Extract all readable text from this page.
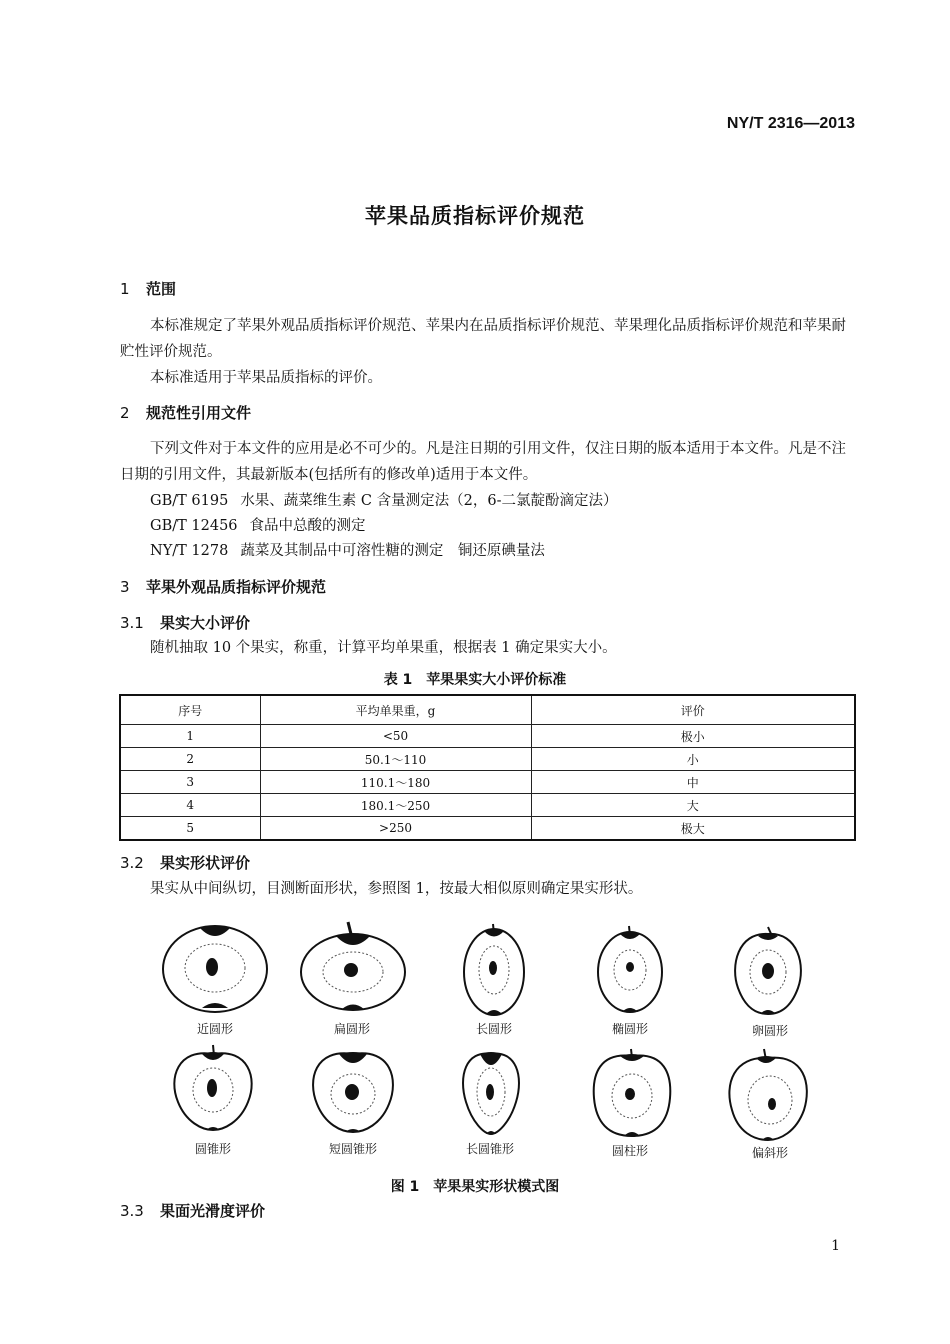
NY/T 2316—2013
苹果品质指标评价规范
1 范围
本标准规定了苹果外观品质指标评价规范、苹果内在品质指标评价规范、苹果理化品质指标评价规范和苹果耐贮性评价规范。
本标准适用于苹果品质指标的评价。
2 规范性引用文件
下列文件对于本文件的应用是必不可少的。凡是注日期的引用文件，仅注日期的版本适用于本文件。凡是不注日期的引用文件，其最新版本(包括所有的修改单)适用于本文件。
GB/T 6195 水果、蔬菜维生素 C 含量测定法（2，6-二氯靛酚滴定法）
GB/T 12456 食品中总酸的测定
NY/T 1278 蔬菜及其制品中可溶性糖的测定　铜还原碘量法
3 苹果外观品质指标评价规范
3.1 果实大小评价
随机抽取 10 个果实，称重，计算平均单果重，根据表 1 确定果实大小。
表 1　苹果果实大小评价标准
序号	平均单果重，g	评价
1	<50	极小
2	50.1～110	小
3	110.1～180	中
4	180.1～250	大
5	>250	极大
3.2 果实形状评价
果实从中间纵切，目测断面形状，参照图 1，按最大相似原则确定果实形状。
近圆形	扁圆形	长圆形	椭圆形	卵圆形
圆锥形	短圆锥形	长圆锥形	圆柱形	偏斜形
图 1　苹果果实形状模式图
3.3 果面光滑度评价
1
